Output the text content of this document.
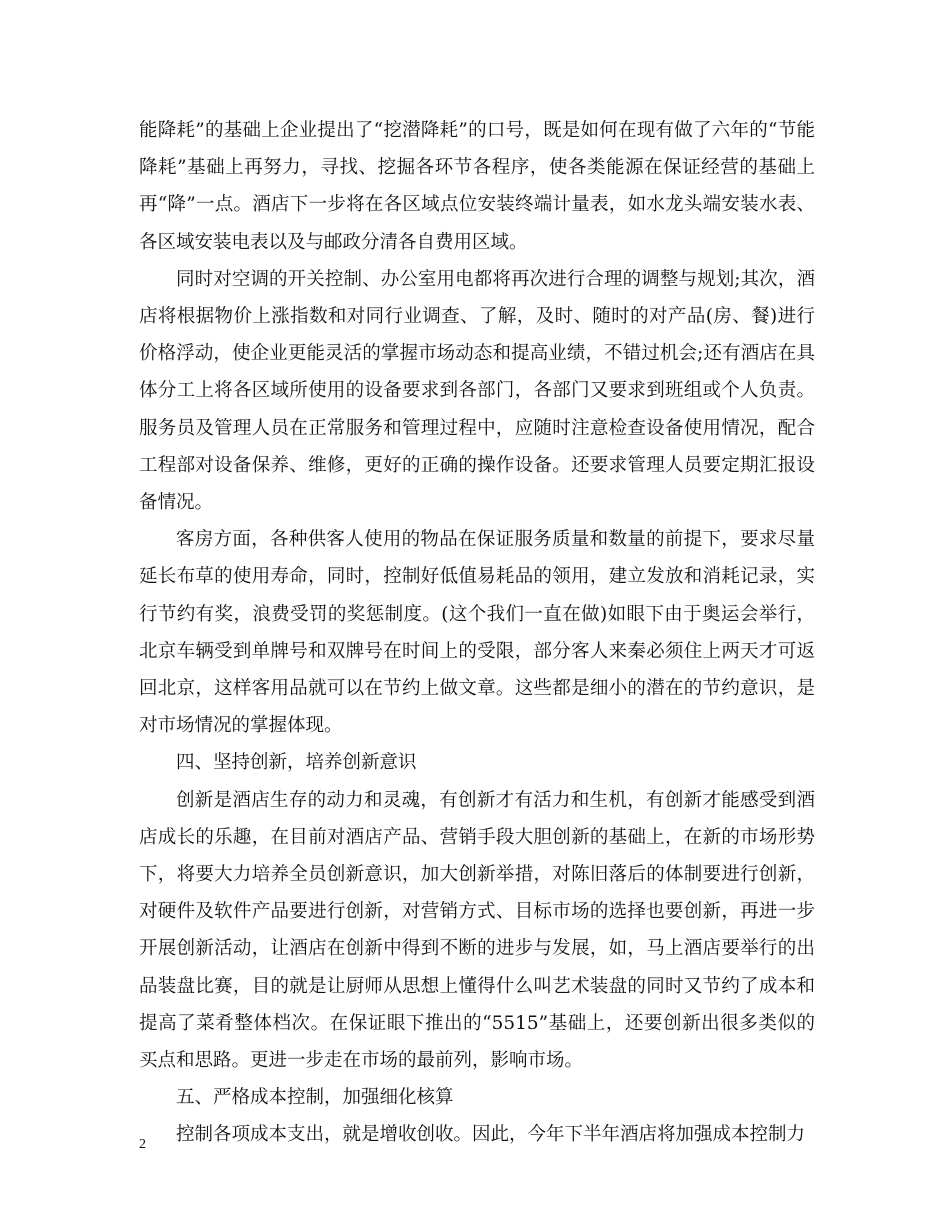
能降耗”的基础上企业提出了“挖潜降耗”的口号，既是如何在现有做了六年的“节能降耗”基础上再努力，寻找、挖掘各环节各程序，使各类能源在保证经营的基础上再“降”一点。酒店下一步将在各区域点位安装终端计量表，如水龙头端安装水表、各区域安装电表以及与邮政分清各自费用区域。

同时对空调的开关控制、办公室用电都将再次进行合理的调整与规划;其次，酒店将根据物价上涨指数和对同行业调查、了解，及时、随时的对产品(房、餐)进行价格浮动，使企业更能灵活的掌握市场动态和提高业绩，不错过机会;还有酒店在具体分工上将各区域所使用的设备要求到各部门，各部门又要求到班组或个人负责。服务员及管理人员在正常服务和管理过程中，应随时注意检查设备使用情况，配合工程部对设备保养、维修，更好的正确的操作设备。还要求管理人员要定期汇报设备情况。

客房方面，各种供客人使用的物品在保证服务质量和数量的前提下，要求尽量延长布草的使用寿命，同时，控制好低值易耗品的领用，建立发放和消耗记录，实行节约有奖，浪费受罚的奖惩制度。(这个我们一直在做)如眼下由于奥运会举行，北京车辆受到单牌号和双牌号在时间上的受限，部分客人来秦必须住上两天才可返回北京，这样客用品就可以在节约上做文章。这些都是细小的潜在的节约意识，是对市场情况的掌握体现。

四、坚持创新，培养创新意识

创新是酒店生存的动力和灵魂，有创新才有活力和生机，有创新才能感受到酒店成长的乐趣，在目前对酒店产品、营销手段大胆创新的基础上，在新的市场形势下，将要大力培养全员创新意识，加大创新举措，对陈旧落后的体制要进行创新，对硬件及软件产品要进行创新，对营销方式、目标市场的选择也要创新，再进一步开展创新活动，让酒店在创新中得到不断的进步与发展，如，马上酒店要举行的出品装盘比赛，目的就是让厨师从思想上懂得什么叫艺术装盘的同时又节约了成本和提高了菜肴整体档次。在保证眼下推出的“5515”基础上，还要创新出很多类似的买点和思路。更进一步走在市场的最前列，影响市场。

五、严格成本控制，加强细化核算

控制各项成本支出，就是增收创收。因此，今年下半年酒店将加强成本控制力

2
